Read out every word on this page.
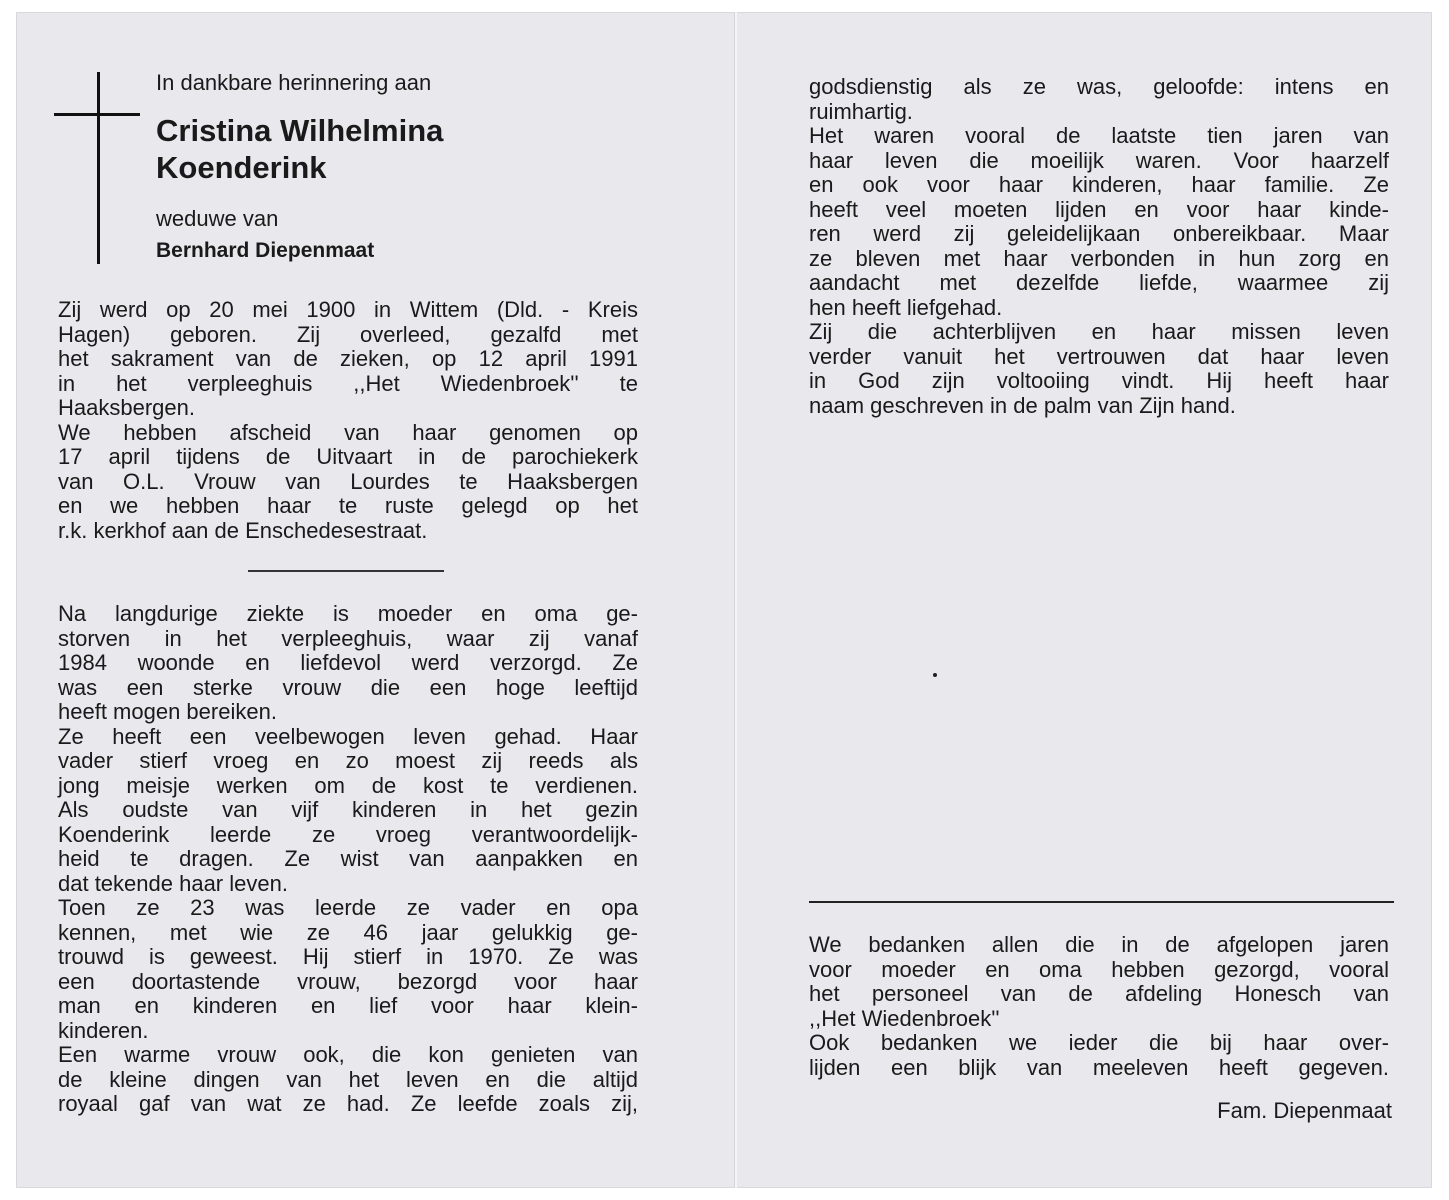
In dankbare herinnering aan
Cristina Wilhelmina
Koenderink
weduwe van
Bernhard Diepenmaat
Zij werd op 20 mei 1900 in Wittem (Dld. - Kreis
Hagen) geboren. Zij overleed, gezalfd met
het sakrament van de zieken, op 12 april 1991
in het verpleeghuis ,,Het Wiedenbroek'' te
Haaksbergen.
We hebben afscheid van haar genomen op
17 april tijdens de Uitvaart in de parochiekerk
van O.L. Vrouw van Lourdes te Haaksbergen
en we hebben haar te ruste gelegd op het
r.k. kerkhof aan de Enschedesestraat.
Na langdurige ziekte is moeder en oma ge-
storven in het verpleeghuis, waar zij vanaf
1984 woonde en liefdevol werd verzorgd. Ze
was een sterke vrouw die een hoge leeftijd
heeft mogen bereiken.
Ze heeft een veelbewogen leven gehad. Haar
vader stierf vroeg en zo moest zij reeds als
jong meisje werken om de kost te verdienen.
Als oudste van vijf kinderen in het gezin
Koenderink leerde ze vroeg verantwoordelijk-
heid te dragen. Ze wist van aanpakken en
dat tekende haar leven.
Toen ze 23 was leerde ze vader en opa
kennen, met wie ze 46 jaar gelukkig ge-
trouwd is geweest. Hij stierf in 1970. Ze was
een doortastende vrouw, bezorgd voor haar
man en kinderen en lief voor haar klein-
kinderen.
Een warme vrouw ook, die kon genieten van
de kleine dingen van het leven en die altijd
royaal gaf van wat ze had. Ze leefde zoals zij,
godsdienstig als ze was, geloofde: intens en
ruimhartig.
Het waren vooral de laatste tien jaren van
haar leven die moeilijk waren. Voor haarzelf
en ook voor haar kinderen, haar familie. Ze
heeft veel moeten lijden en voor haar kinde-
ren werd zij geleidelijkaan onbereikbaar. Maar
ze bleven met haar verbonden in hun zorg en
aandacht met dezelfde liefde, waarmee zij
hen heeft liefgehad.
Zij die achterblijven en haar missen leven
verder vanuit het vertrouwen dat haar leven
in God zijn voltooiing vindt. Hij heeft haar
naam geschreven in de palm van Zijn hand.
We bedanken allen die in de afgelopen jaren
voor moeder en oma hebben gezorgd, vooral
het personeel van de afdeling Honesch van
,,Het Wiedenbroek''
Ook bedanken we ieder die bij haar over-
lijden een blijk van meeleven heeft gegeven.
Fam. Diepenmaat
